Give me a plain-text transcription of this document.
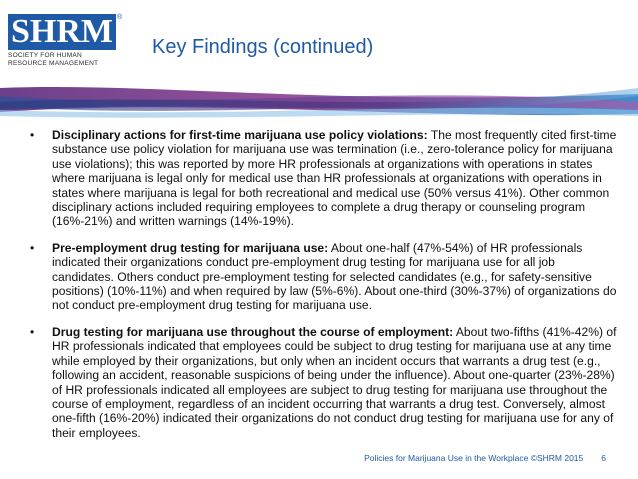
SHRM ®
SOCIETY FOR HUMAN
RESOURCE MANAGEMENT
Key Findings (continued)
•	Disciplinary actions for first-time marijuana use policy violations: The most frequently cited first-time substance use policy violation for marijuana use was termination (i.e., zero-tolerance policy for marijuana use violations); this was reported by more HR professionals at organizations with operations in states where marijuana is legal only for medical use than HR professionals at organizations with operations in states where marijuana is legal for both recreational and medical use (50% versus 41%). Other common disciplinary actions included requiring employees to complete a drug therapy or counseling program (16%-21%) and written warnings (14%-19%).
•	Pre-employment drug testing for marijuana use: About one-half (47%-54%) of HR professionals indicated their organizations conduct pre-employment drug testing for marijuana use for all job candidates. Others conduct pre-employment testing for selected candidates (e.g., for safety-sensitive positions) (10%-11%) and when required by law (5%-6%). About one-third (30%-37%) of organizations do not conduct pre-employment drug testing for marijuana use.
•	Drug testing for marijuana use throughout the course of employment: About two-fifths (41%-42%) of HR professionals indicated that employees could be subject to drug testing for marijuana use at any time while employed by their organizations, but only when an incident occurs that warrants a drug test (e.g., following an accident, reasonable suspicions of being under the influence). About one-quarter (23%-28%) of HR professionals indicated all employees are subject to drug testing for marijuana use throughout the course of employment, regardless of an incident occurring that warrants a drug test. Conversely, almost one-fifth (16%-20%) indicated their organizations do not conduct drug testing for marijuana use for any of their employees.
Policies for Marijuana Use in the Workplace ©SHRM 2015 6
